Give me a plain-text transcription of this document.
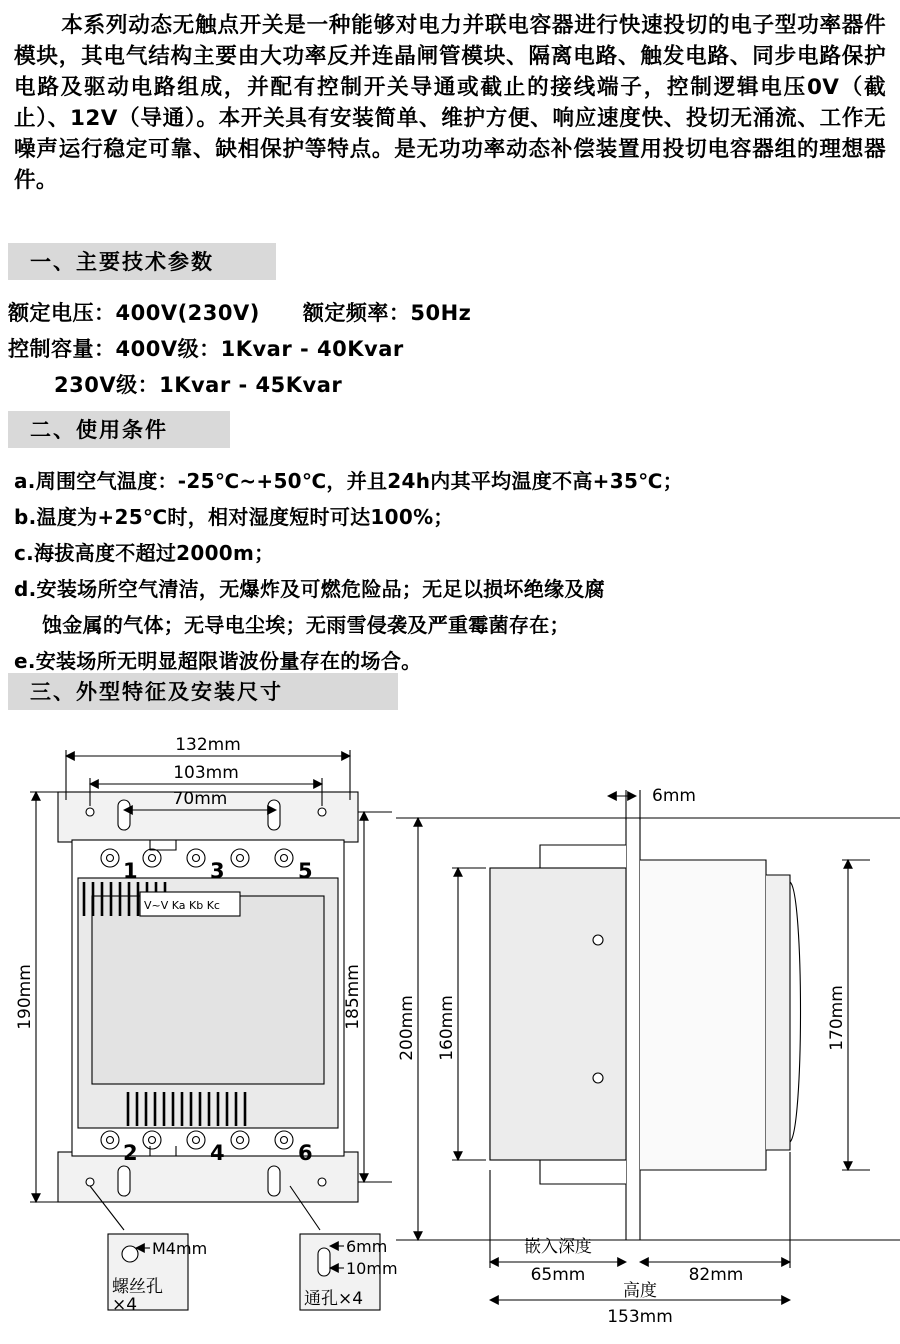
本系列动态无触点开关是一种能够对电力并联电容器进行快速投切的电子型功率器件模块，其电气结构主要由大功率反并连晶闸管模块、隔离电路、触发电路、同步电路保护电路及驱动电路组成，并配有控制开关导通或截止的接线端子，控制逻辑电压0V（截止）、12V（导通）。本开关具有安装简单、维护方便、响应速度快、投切无涌流、工作无噪声运行稳定可靠、缺相保护等特点。是无功功率动态补偿装置用投切电容器组的理想器件。

一、主要技术参数
额定电压：400V(230V)　　额定频率：50Hz
控制容量：400V级：1Kvar - 40Kvar
230V级：1Kvar - 45Kvar
二、使用条件
a.周围空气温度：-25℃~+50℃，并且24h内其平均温度不高+35℃；
b.温度为+25℃时，相对湿度短时可达100%；
c.海拔高度不超过2000m；
d.安装场所空气清洁，无爆炸及可燃危险品；无足以损坏绝缘及腐
蚀金属的气体；无导电尘埃；无雨雪侵袭及严重霉菌存在；
e.安装场所无明显超限谐波份量存在的场合。
三、外型特征及安装尺寸
132mm
103mm
70mm
190mm	185mm
1	3	5
2	4	6
V~V Ka Kb Kc
M4mm
螺丝孔
×4
6mm
10mm
通孔×4
6mm
200mm 160mm	170mm
嵌入深度
65mm	82mm
高度
153mm
